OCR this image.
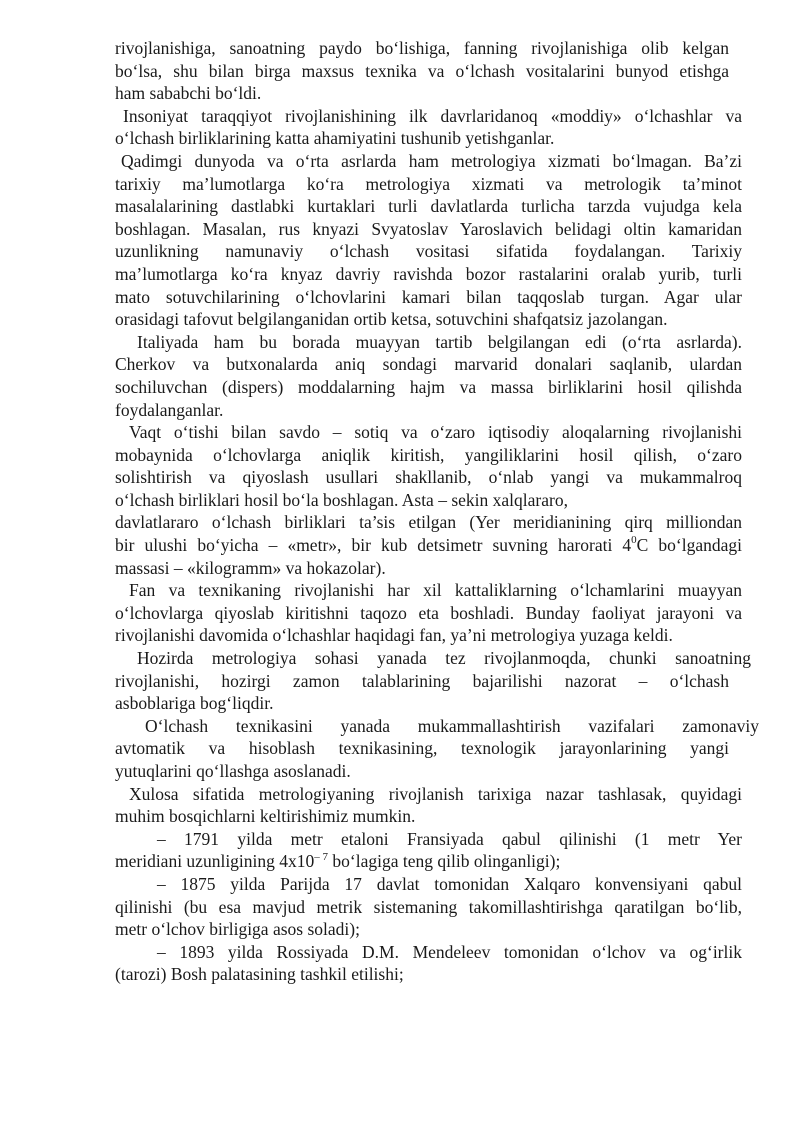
rivojlanishiga, sanoatning paydo bo‘lishiga, fanning rivojlanishiga olib kelgan
bo‘lsa, shu bilan birga maxsus texnika va o‘lchash vositalarini bunyod etishga
ham sababchi bo‘ldi.
Insoniyat taraqqiyot rivojlanishining ilk davrlaridanoq «moddiy» o‘lchashlar va
o‘lchash birliklarining katta ahamiyatini tushunib yetishganlar.
Qadimgi dunyoda va o‘rta asrlarda ham metrologiya xizmati bo‘lmagan. Ba’zi
tarixiy ma’lumotlarga ko‘ra metrologiya xizmati va metrologik ta’minot
masalalarining dastlabki kurtaklari turli davlatlarda turlicha tarzda vujudga kela
boshlagan. Masalan, rus knyazi Svyatoslav Yaroslavich belidagi oltin kamaridan
uzunlikning namunaviy o‘lchash vositasi sifatida foydalangan. Tarixiy
ma’lumotlarga ko‘ra knyaz davriy ravishda bozor rastalarini oralab yurib, turli
mato sotuvchilarining o‘lchovlarini kamari bilan taqqoslab turgan. Agar ular
orasidagi tafovut belgilanganidan ortib ketsa, sotuvchini shafqatsiz jazolangan.
Italiyada ham bu borada muayyan tartib belgilangan edi (o‘rta asrlarda).
Cherkov va butxonalarda aniq sondagi marvarid donalari saqlanib, ulardan
sochiluvchan (dispers) moddalarning hajm va massa birliklarini hosil qilishda
foydalanganlar.
Vaqt o‘tishi bilan savdo – sotiq va o‘zaro iqtisodiy aloqalarning rivojlanishi
mobaynida o‘lchovlarga aniqlik kiritish, yangiliklarini hosil qilish, o‘zaro
solishtirish va qiyoslash usullari shakllanib, o‘nlab yangi va mukammalroq
o‘lchash birliklari hosil bo‘la boshlagan. Asta – sekin xalqlararo,
davlatlararo o‘lchash birliklari ta’sis etilgan (Yer meridianining qirq milliondan
bir ulushi bo‘yicha – «metr», bir kub detsimetr suvning harorati $4^0C$ bo‘lgandagi
massasi – «kilogramm» va hokazolar).
Fan va texnikaning rivojlanishi har xil kattaliklarning o‘lchamlarini muayyan
o‘lchovlarga qiyoslab kiritishni taqozo eta boshladi. Bunday faoliyat jarayoni va
rivojlanishi davomida o‘lchashlar haqidagi fan, ya’ni metrologiya yuzaga keldi.
Hozirda metrologiya sohasi yanada tez rivojlanmoqda, chunki sanoatning
rivojlanishi, hozirgi zamon talablarining bajarilishi nazorat – o‘lchash
asboblariga bog‘liqdir.
O‘lchash texnikasini yanada mukammallashtirish vazifalari zamonaviy
avtomatik va hisoblash texnikasining, texnologik jarayonlarining yangi
yutuqlarini qo‘llashga asoslanadi.
Xulosa sifatida metrologiyaning rivojlanish tarixiga nazar tashlasak, quyidagi
muhim bosqichlarni keltirishimiz mumkin.
– 1791 yilda metr etaloni Fransiyada qabul qilinishi (1 metr Yer
meridiani uzunligining $4x10^{- 7}$ bo‘lagiga teng qilib olinganligi);
– 1875 yilda Parijda 17 davlat tomonidan Xalqaro konvensiyani qabul
qilinishi (bu esa mavjud metrik sistemaning takomillashtirishga qaratilgan bo‘lib,
metr o‘lchov birligiga asos soladi);
– 1893 yilda Rossiyada D.M. Mendeleev tomonidan o‘lchov va og‘irlik
(tarozi) Bosh palatasining tashkil etilishi;
